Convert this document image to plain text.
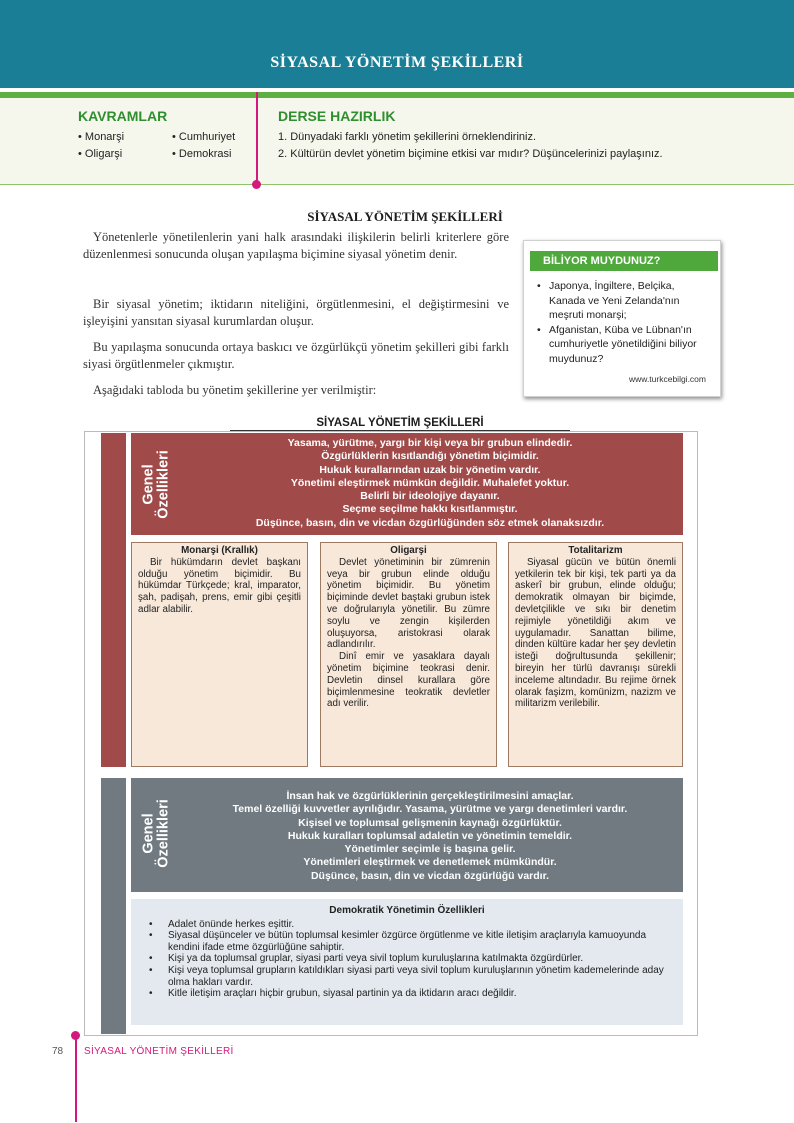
SİYASAL YÖNETİM ŞEKİLLERİ
KAVRAMLAR
• Monarşi
• Oligarşi
• Cumhuriyet
• Demokrasi
DERSE HAZIRLIK
1. Dünyadaki farklı yönetim şekillerini örneklendiriniz.
2. Kültürün devlet yönetim biçimine etkisi var mıdır? Düşüncelerinizi paylaşınız.
SİYASAL YÖNETİM ŞEKİLLERİ

Yönetenlerle yönetilenlerin yani halk arasındaki ilişkilerin belirli kriterlere göre düzenlenmesi sonucunda oluşan yapılaşma biçimine siyasal yönetim denir.

Bir siyasal yönetim; iktidarın niteliğini, örgütlenmesini, el değiştirmesini ve işleyişini yansıtan siyasal kurumlardan oluşur.

Bu yapılaşma sonucunda ortaya baskıcı ve özgürlükçü yönetim şekilleri gibi farklı siyasi örgütlenmeler çıkmıştır.

Aşağıdaki tabloda bu yönetim şekillerine yer verilmiştir:

BİLİYOR MUYDUNUZ?
• Japonya, İngiltere, Belçika, Kanada ve Yeni Zelanda'nın meşruti monarşi;
• Afganistan, Küba ve Lübnan'ın cumhuriyetle yönetildiğini biliyor muydunuz?
www.turkcebilgi.com
SİYASAL YÖNETİM ŞEKİLLERİ
Genel Özellikleri
Yasama, yürütme, yargı bir kişi veya bir grubun elindedir.
Özgürlüklerin kısıtlandığı yönetim biçimidir.
Hukuk kurallarından uzak bir yönetim vardır.
Yönetimi eleştirmek mümkün değildir. Muhalefet yoktur.
Belirli bir ideolojiye dayanır.
Seçme seçilme hakkı kısıtlanmıştır.
Düşünce, basın, din ve vicdan özgürlüğünden söz etmek olanaksızdır.
Monarşi (Krallık)

Bir hükümdarın devlet başkanı olduğu yönetim biçimidir. Bu hükümdar Türkçede; kral, imparator, şah, padişah, prens, emir gibi çeşitli adlar alabilir.

Oligarşi

Devlet yönetiminin bir zümrenin veya bir grubun elinde olduğu yönetim biçimidir. Bu yönetim biçiminde devlet baştaki grubun istek ve doğrularıyla yönetilir. Bu zümre soylu ve zengin kişilerden oluşuyorsa, aristokrasi olarak adlandırılır.

Dinî emir ve yasaklara dayalı yönetim biçimine teokrasi denir. Devletin dinsel kurallara göre biçimlenmesine teokratik devletler adı verilir.

Totalitarizm

Siyasal gücün ve bütün önemli yetkilerin tek bir kişi, tek parti ya da askerî bir grubun, elinde olduğu; demokratik olmayan bir biçimde, devletçilikle ve sıkı bir denetim rejimiyle yönetildiği akım ve uygulamadır. Sanattan bilime, dinden kültüre kadar her şey devletin isteği doğrultusunda şekillenir; bireyin her türlü davranışı sürekli inceleme altındadır. Bu rejime örnek olarak faşizm, komünizm, nazizm ve militarizm verilebilir.

Genel Özellikleri
İnsan hak ve özgürlüklerinin gerçekleştirilmesini amaçlar.
Temel özelliği kuvvetler ayrılığıdır. Yasama, yürütme ve yargı denetimleri vardır.
Kişisel ve toplumsal gelişmenin kaynağı özgürlüktür.
Hukuk kuralları toplumsal adaletin ve yönetimin temeldir.
Yönetimler seçimle iş başına gelir.
Yönetimleri eleştirmek ve denetlemek mümkündür.
Düşünce, basın, din ve vicdan özgürlüğü vardır.
Demokratik Yönetimin Özellikleri
• Adalet önünde herkes eşittir.
• Siyasal düşünceler ve bütün toplumsal kesimler özgürce örgütlenme ve kitle iletişim araçlarıyla kamuoyunda kendini ifade etme özgürlüğüne sahiptir.
• Kişi ya da toplumsal gruplar, siyasi parti veya sivil toplum kuruluşlarına katılmakta özgürdürler.
• Kişi veya toplumsal grupların katıldıkları siyasi parti veya sivil toplum kuruluşlarının yönetim kademelerinde aday olma hakları vardır.
• Kitle iletişim araçları hiçbir grubun, siyasal partinin ya da iktidarın aracı değildir.
78 SİYASAL YÖNETİM ŞEKİLLERİ
